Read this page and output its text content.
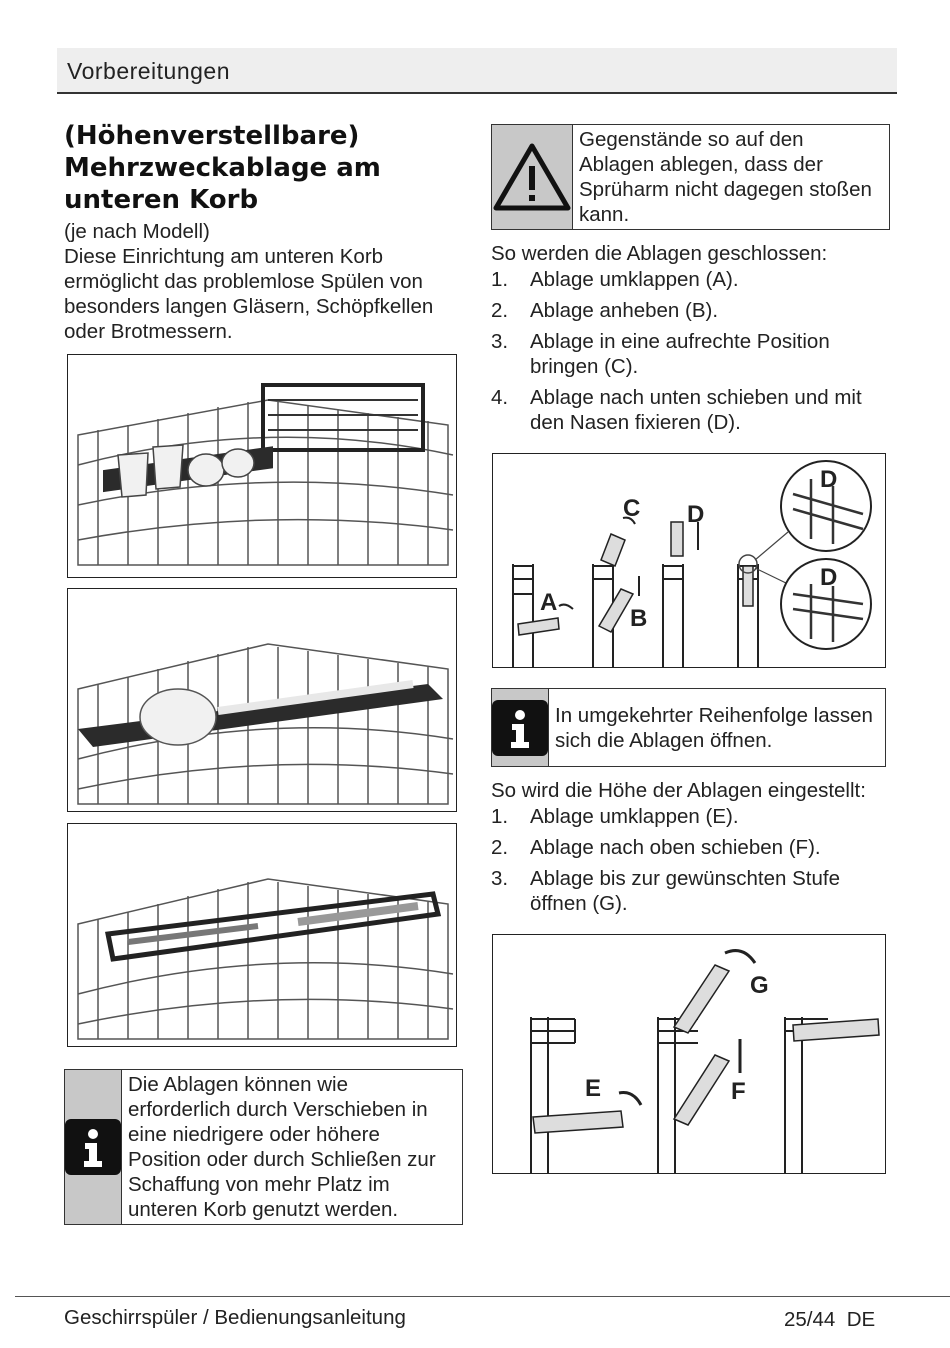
Vorbereitungen
(Höhenverstellbare) Mehrzweckablage am unteren Korb
(je nach Modell)
Diese Einrichtung am unteren Korb ermöglicht das problemlose Spülen von besonders langen Gläsern, Schöpfkellen oder Brotmessern.
Die Ablagen können wie erforderlich durch Verschieben in eine niedrigere oder höhere Position oder durch Schließen zur Schaffung von mehr Platz im unteren Korb genutzt werden.
Gegenstände so auf den Ablagen ablegen, dass der Sprüharm nicht dagegen stoßen kann.
So werden die Ablagen geschlossen:
1.	Ablage umklappen (A).
2.	Ablage anheben (B).
3.	Ablage in eine aufrechte Position bringen (C).
4.	Ablage nach unten schieben und mit den Nasen fixieren (D).
A
B
C D
D
D
In umgekehrter Reihenfolge lassen sich die Ablagen öffnen.
So wird die Höhe der Ablagen eingestellt:
1.	Ablage umklappen (E).
2.	Ablage nach oben schieben (F).
3.	Ablage bis zur gewünschten Stufe öffnen (G).
E	F
G
Geschirrspüler / Bedienungsanleitung	25/44 DE
